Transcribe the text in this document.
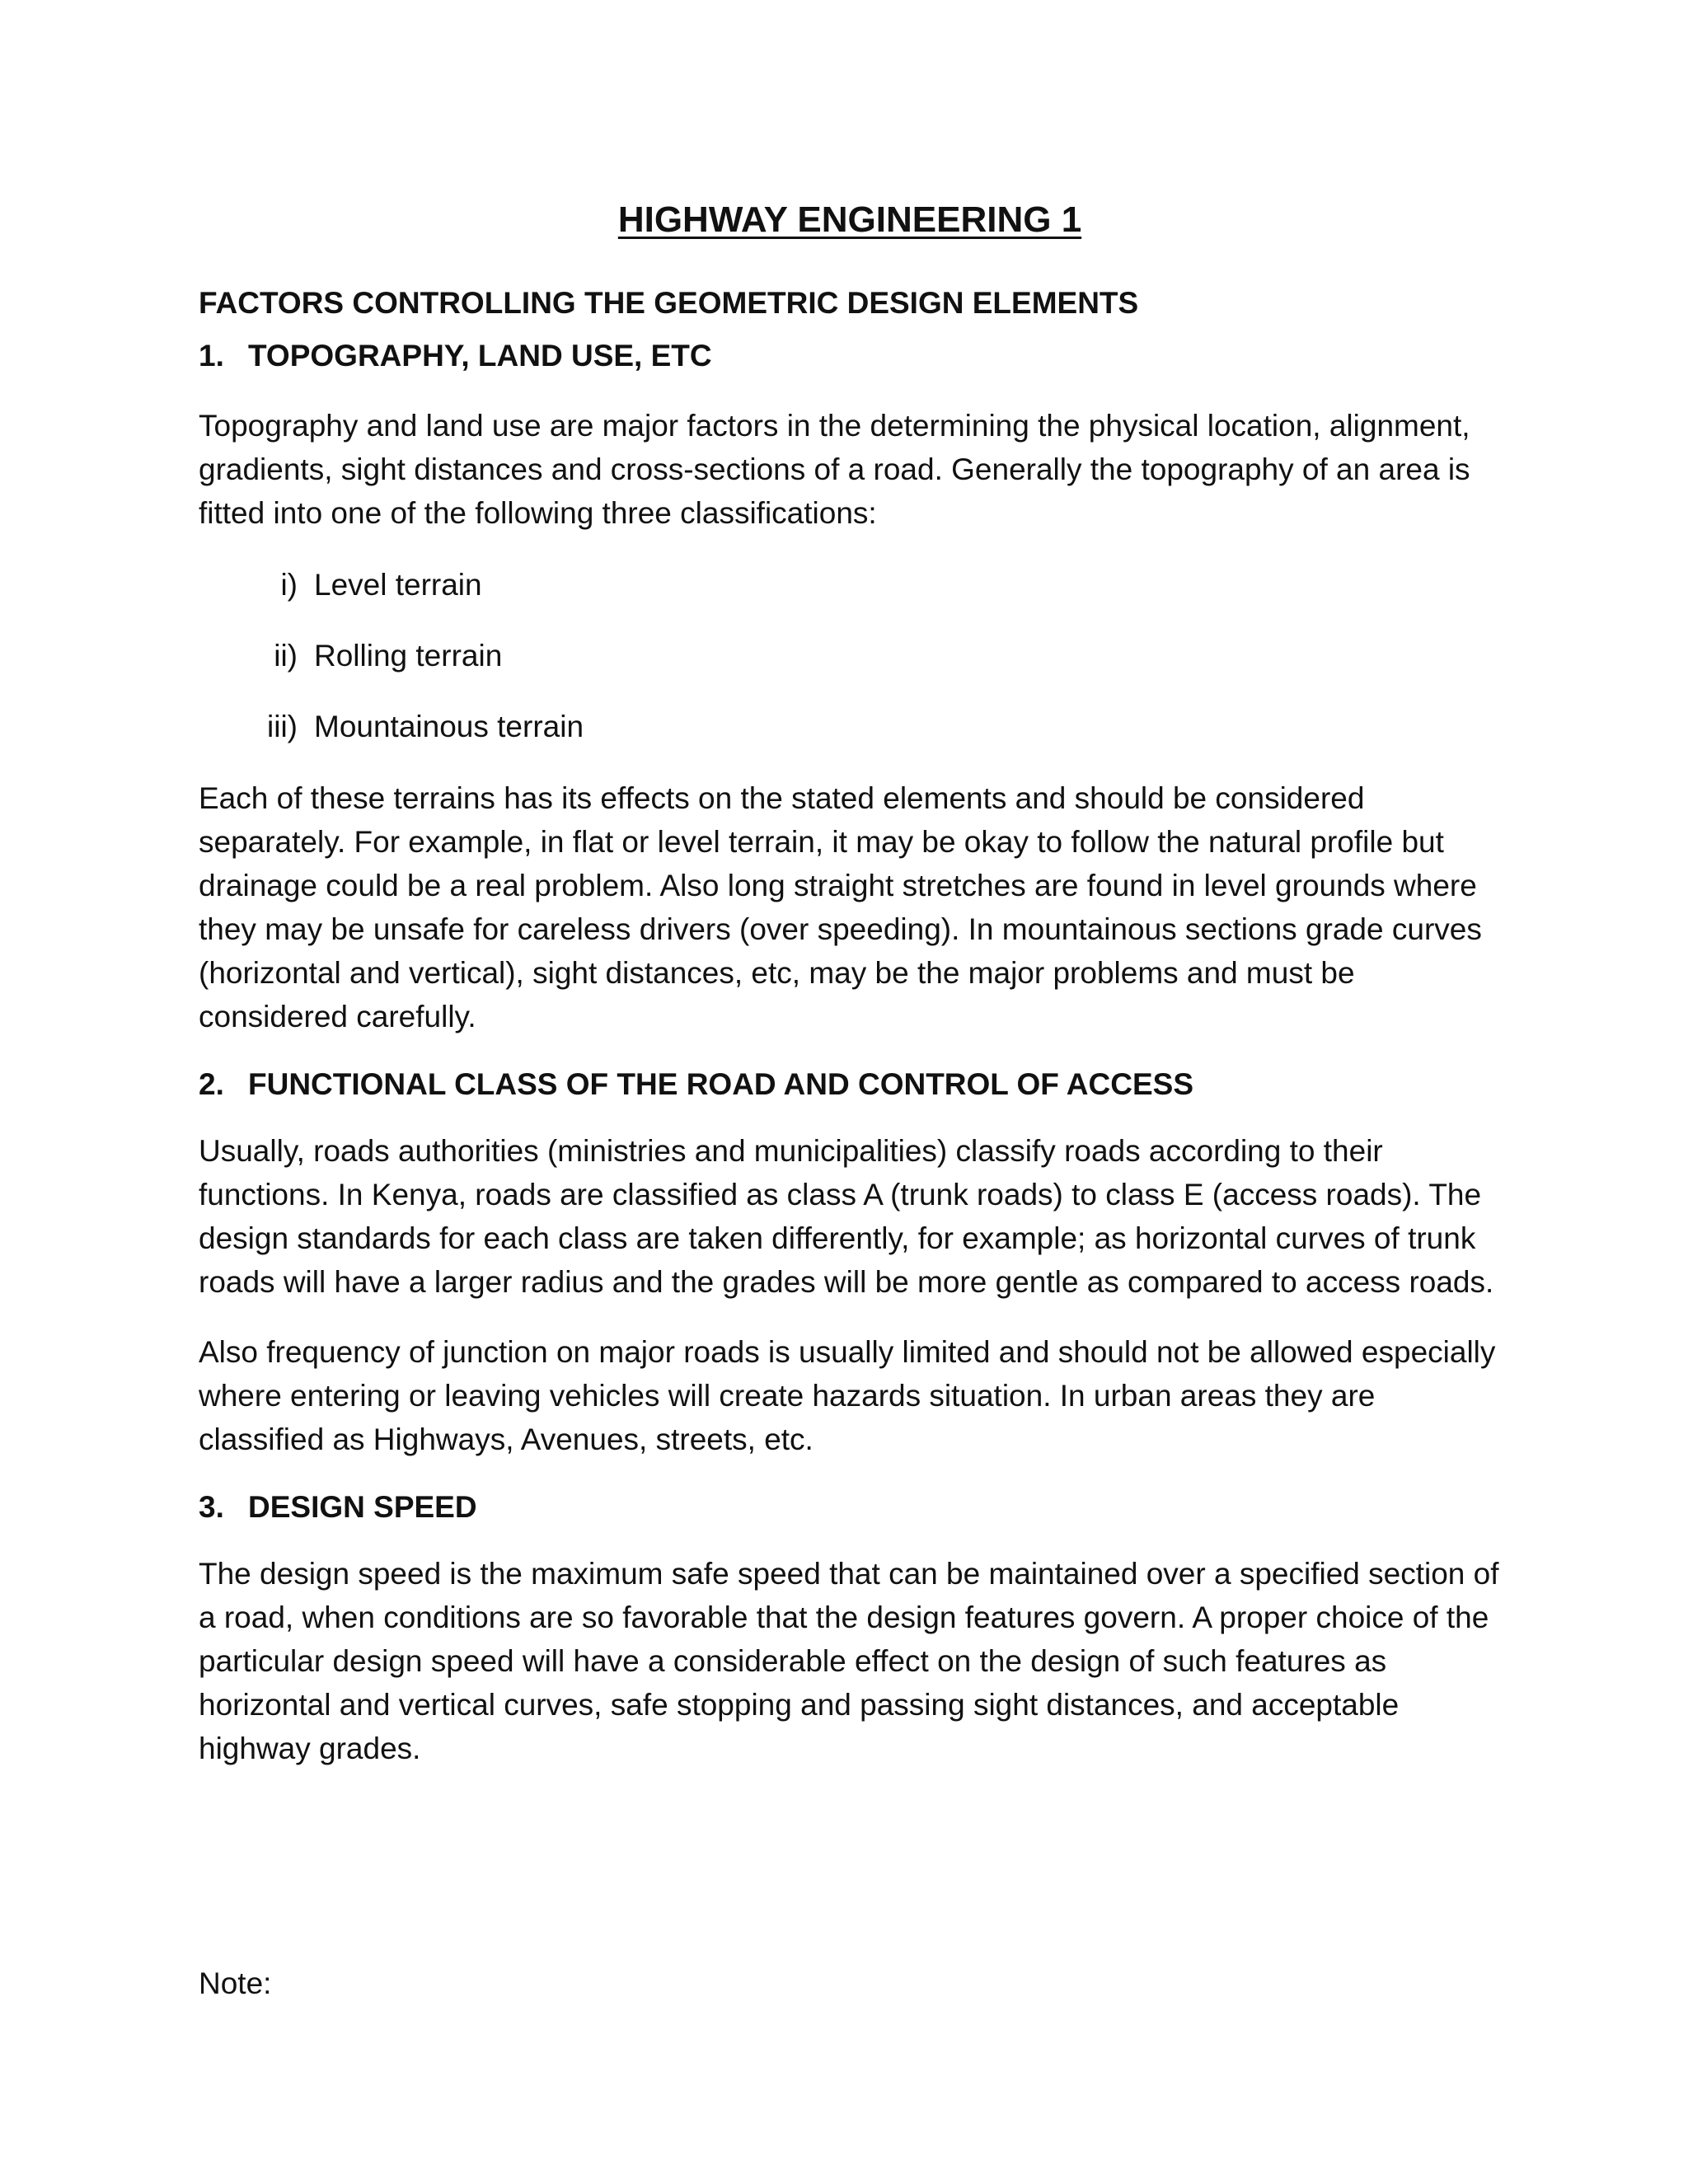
HIGHWAY ENGINEERING 1
FACTORS CONTROLLING THE GEOMETRIC DESIGN ELEMENTS
1. TOPOGRAPHY, LAND USE, ETC

Topography and land use are major factors in the determining the physical location, alignment, gradients, sight distances and cross-sections of a road. Generally the topography of an area is fitted into one of the following three classifications:

i) Level terrain
ii) Rolling terrain
iii) Mountainous terrain

Each of these terrains has its effects on the stated elements and should be considered separately. For example, in flat or level terrain, it may be okay to follow the natural profile but drainage could be a real problem. Also long straight stretches are found in level grounds where they may be unsafe for careless drivers (over speeding). In mountainous sections grade curves (horizontal and vertical), sight distances, etc, may be the major problems and must be considered carefully.

2. FUNCTIONAL CLASS OF THE ROAD AND CONTROL OF ACCESS

Usually, roads authorities (ministries and municipalities) classify roads according to their functions. In Kenya, roads are classified as class A (trunk roads) to class E (access roads). The design standards for each class are taken differently, for example; as horizontal curves of trunk roads will have a larger radius and the grades will be more gentle as compared to access roads.

Also frequency of junction on major roads is usually limited and should not be allowed especially where entering or leaving vehicles will create hazards situation. In urban areas they are classified as Highways, Avenues, streets, etc.

3. DESIGN SPEED

The design speed is the maximum safe speed that can be maintained over a specified section of a road, when conditions are so favorable that the design features govern. A proper choice of the particular design speed will have a considerable effect on the design of such features as horizontal and vertical curves, safe stopping and passing sight distances, and acceptable highway grades.

Note:
